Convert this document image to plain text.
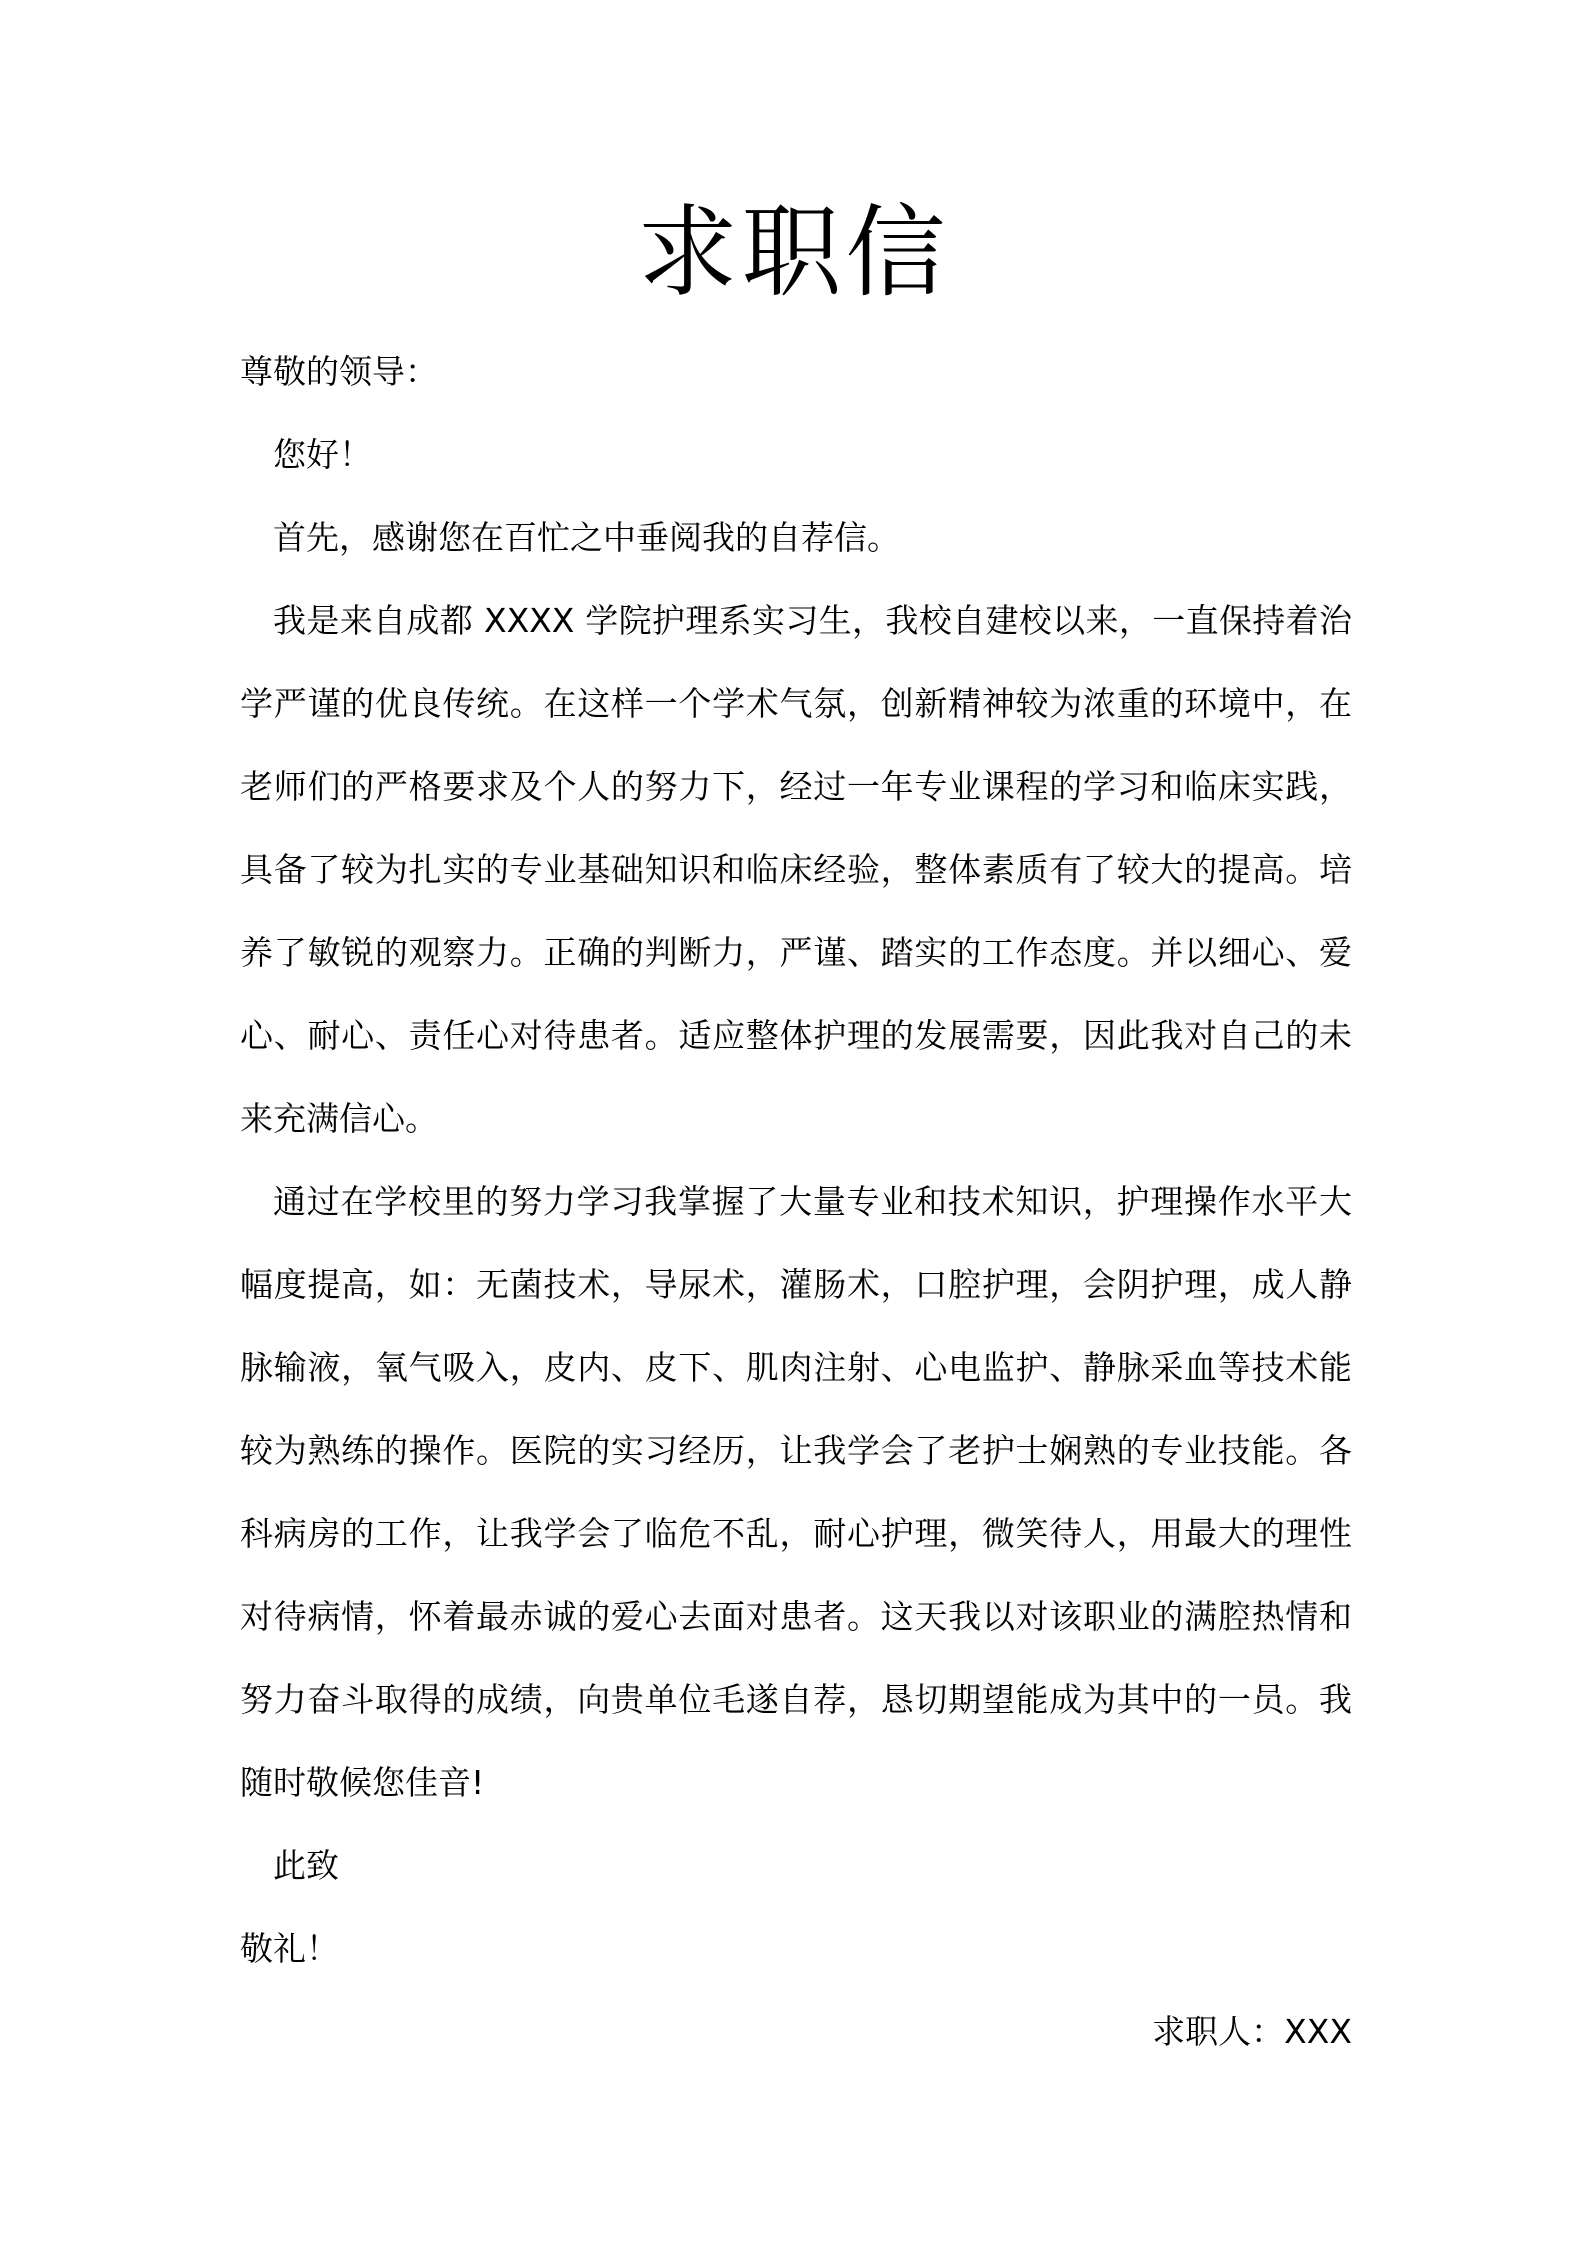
求职信

尊敬的领导：

您好！

首先，感谢您在百忙之中垂阅我的自荐信。

我是来自成都 XXXX 学院护理系实习生，我校自建校以来，一直保持着治学严谨的优良传统。在这样一个学术气氛，创新精神较为浓重的环境中，在老师们的严格要求及个人的努力下，经过一年专业课程的学习和临床实践，具备了较为扎实的专业基础知识和临床经验，整体素质有了较大的提高。培养了敏锐的观察力。正确的判断力，严谨、踏实的工作态度。并以细心、爱心、耐心、责任心对待患者。适应整体护理的发展需要，因此我对自己的未来充满信心。

通过在学校里的努力学习我掌握了大量专业和技术知识，护理操作水平大幅度提高，如：无菌技术，导尿术，灌肠术，口腔护理，会阴护理，成人静脉输液，氧气吸入，皮内、皮下、肌肉注射、心电监护、静脉采血等技术能较为熟练的操作。医院的实习经历，让我学会了老护士娴熟的专业技能。各科病房的工作，让我学会了临危不乱，耐心护理，微笑待人，用最大的理性对待病情，怀着最赤诚的爱心去面对患者。这天我以对该职业的满腔热情和努力奋斗取得的成绩，向贵单位毛遂自荐，恳切期望能成为其中的一员。我随时敬候您佳音!

此致

敬礼！

求职人：XXX
